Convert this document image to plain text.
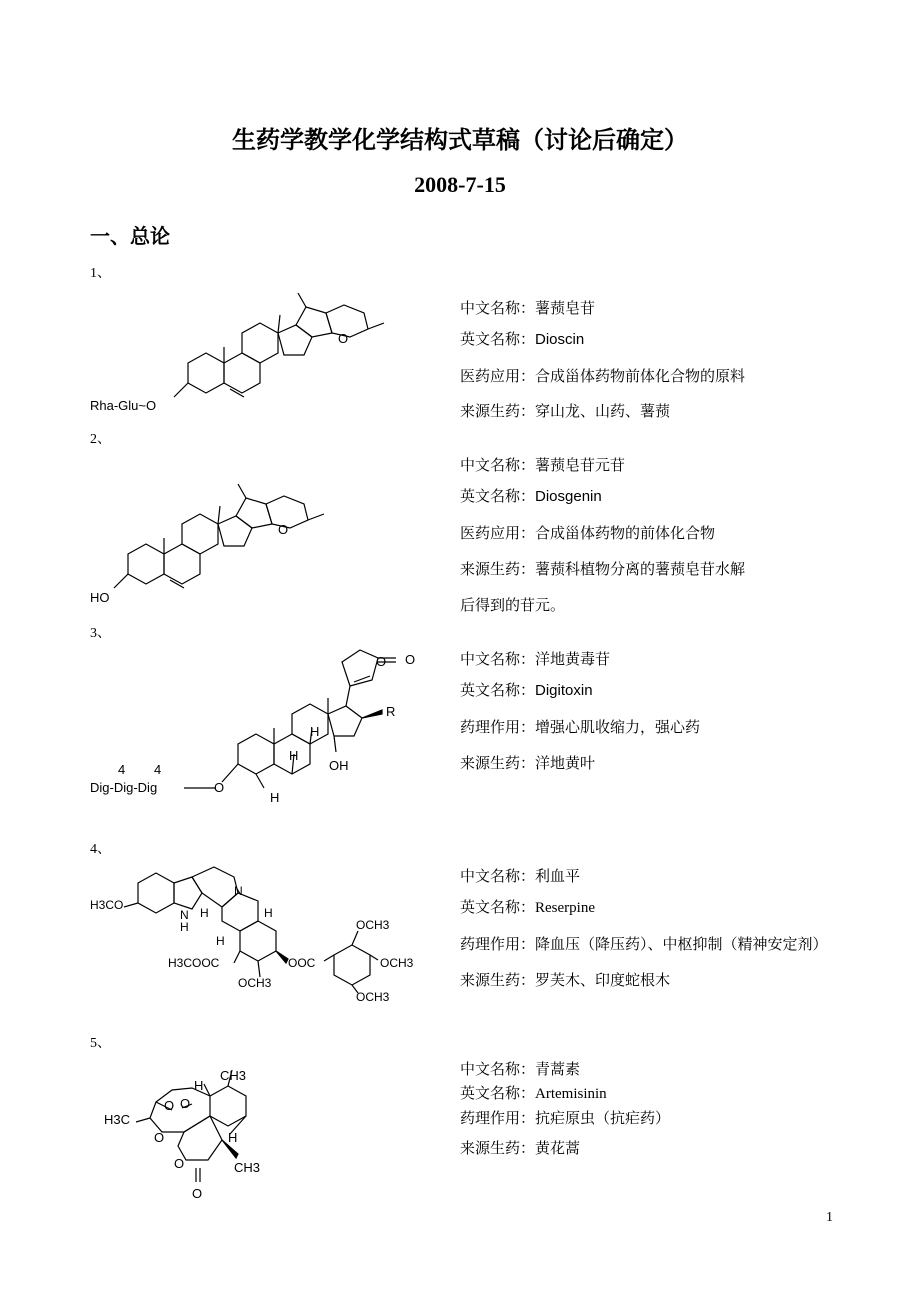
生药学教学化学结构式草稿（讨论后确定）
2008-7-15
一、总论
1、
O
Rha-Glu~O
中文名称：薯蓣皂苷
英文名称：Dioscin
医药应用：合成甾体药物前体化合物的原料
来源生药：穿山龙、山药、薯蓣
2、
O
HO
中文名称：薯蓣皂苷元苷
英文名称：Diosgenin
医药应用：合成甾体药物的前体化合物
来源生药：薯蓣科植物分离的薯蓣皂苷水解
后得到的苷元。
3、
O
O
R
OH
H
H
H
O
Dig-Dig-Dig
4 4
中文名称：洋地黄毒苷
英文名称：Digitoxin
药理作用：增强心肌收缩力，强心药
来源生药：洋地黄叶
4、
H3CO
N
H
N
H	H
H
H3COOC
OCH3
OOC
OCH3
OCH3
OCH3
中文名称：利血平
英文名称：Reserpine
药理作用：降血压（降压药）、中枢抑制（精神安定剂）
来源生药：罗芙木、印度蛇根木
5、
CH3
H
H3C
O O
O
O
O
H
CH3
中文名称：青蒿素
英文名称：Artemisinin
药理作用：抗疟原虫（抗疟药）
来源生药：黄花蒿
1
